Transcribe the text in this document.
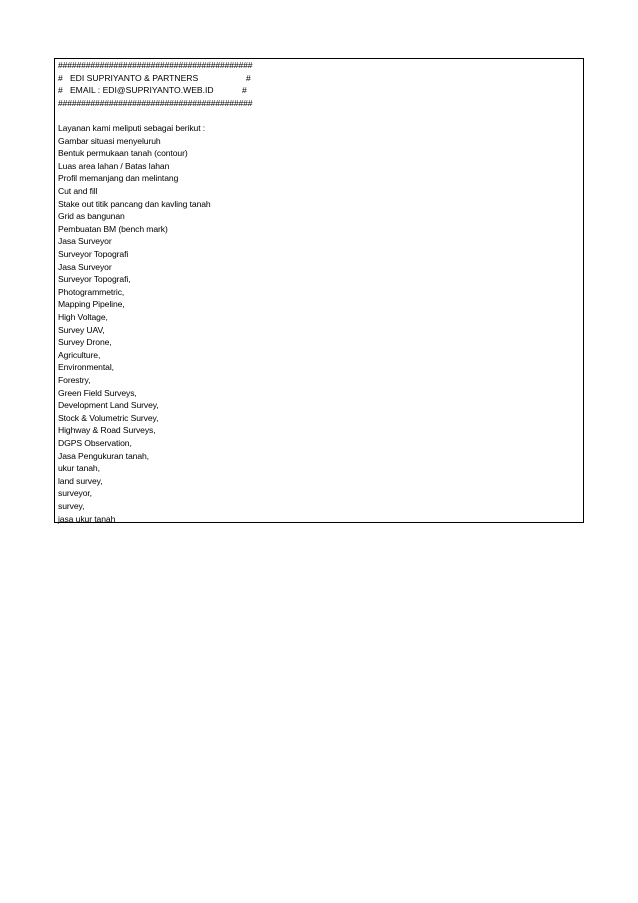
##########################################
#   EDI SUPRIYANTO & PARTNERS	#
#   EMAIL : EDI@SUPRIYANTO.WEB.ID	#
##########################################
Layanan kami meliputi sebagai berikut :
Gambar situasi menyeluruh
Bentuk permukaan tanah (contour)
Luas area lahan / Batas lahan
Profil memanjang dan melintang
Cut and fill
Stake out titik pancang dan kavling tanah
Grid as bangunan
Pembuatan BM (bench mark)
Jasa Surveyor
Surveyor Topografi
Jasa Surveyor
Surveyor Topografi,
Photogrammetric,
Mapping Pipeline,
High Voltage,
Survey UAV,
Survey Drone,
Agriculture,
Environmental,
Forestry,
Green Field Surveys,
Development Land Survey,
Stock & Volumetric Survey,
Highway & Road Surveys,
DGPS Observation,
Jasa Pengukuran tanah,
ukur tanah,
land survey,
surveyor,
survey,
jasa ukur tanah
